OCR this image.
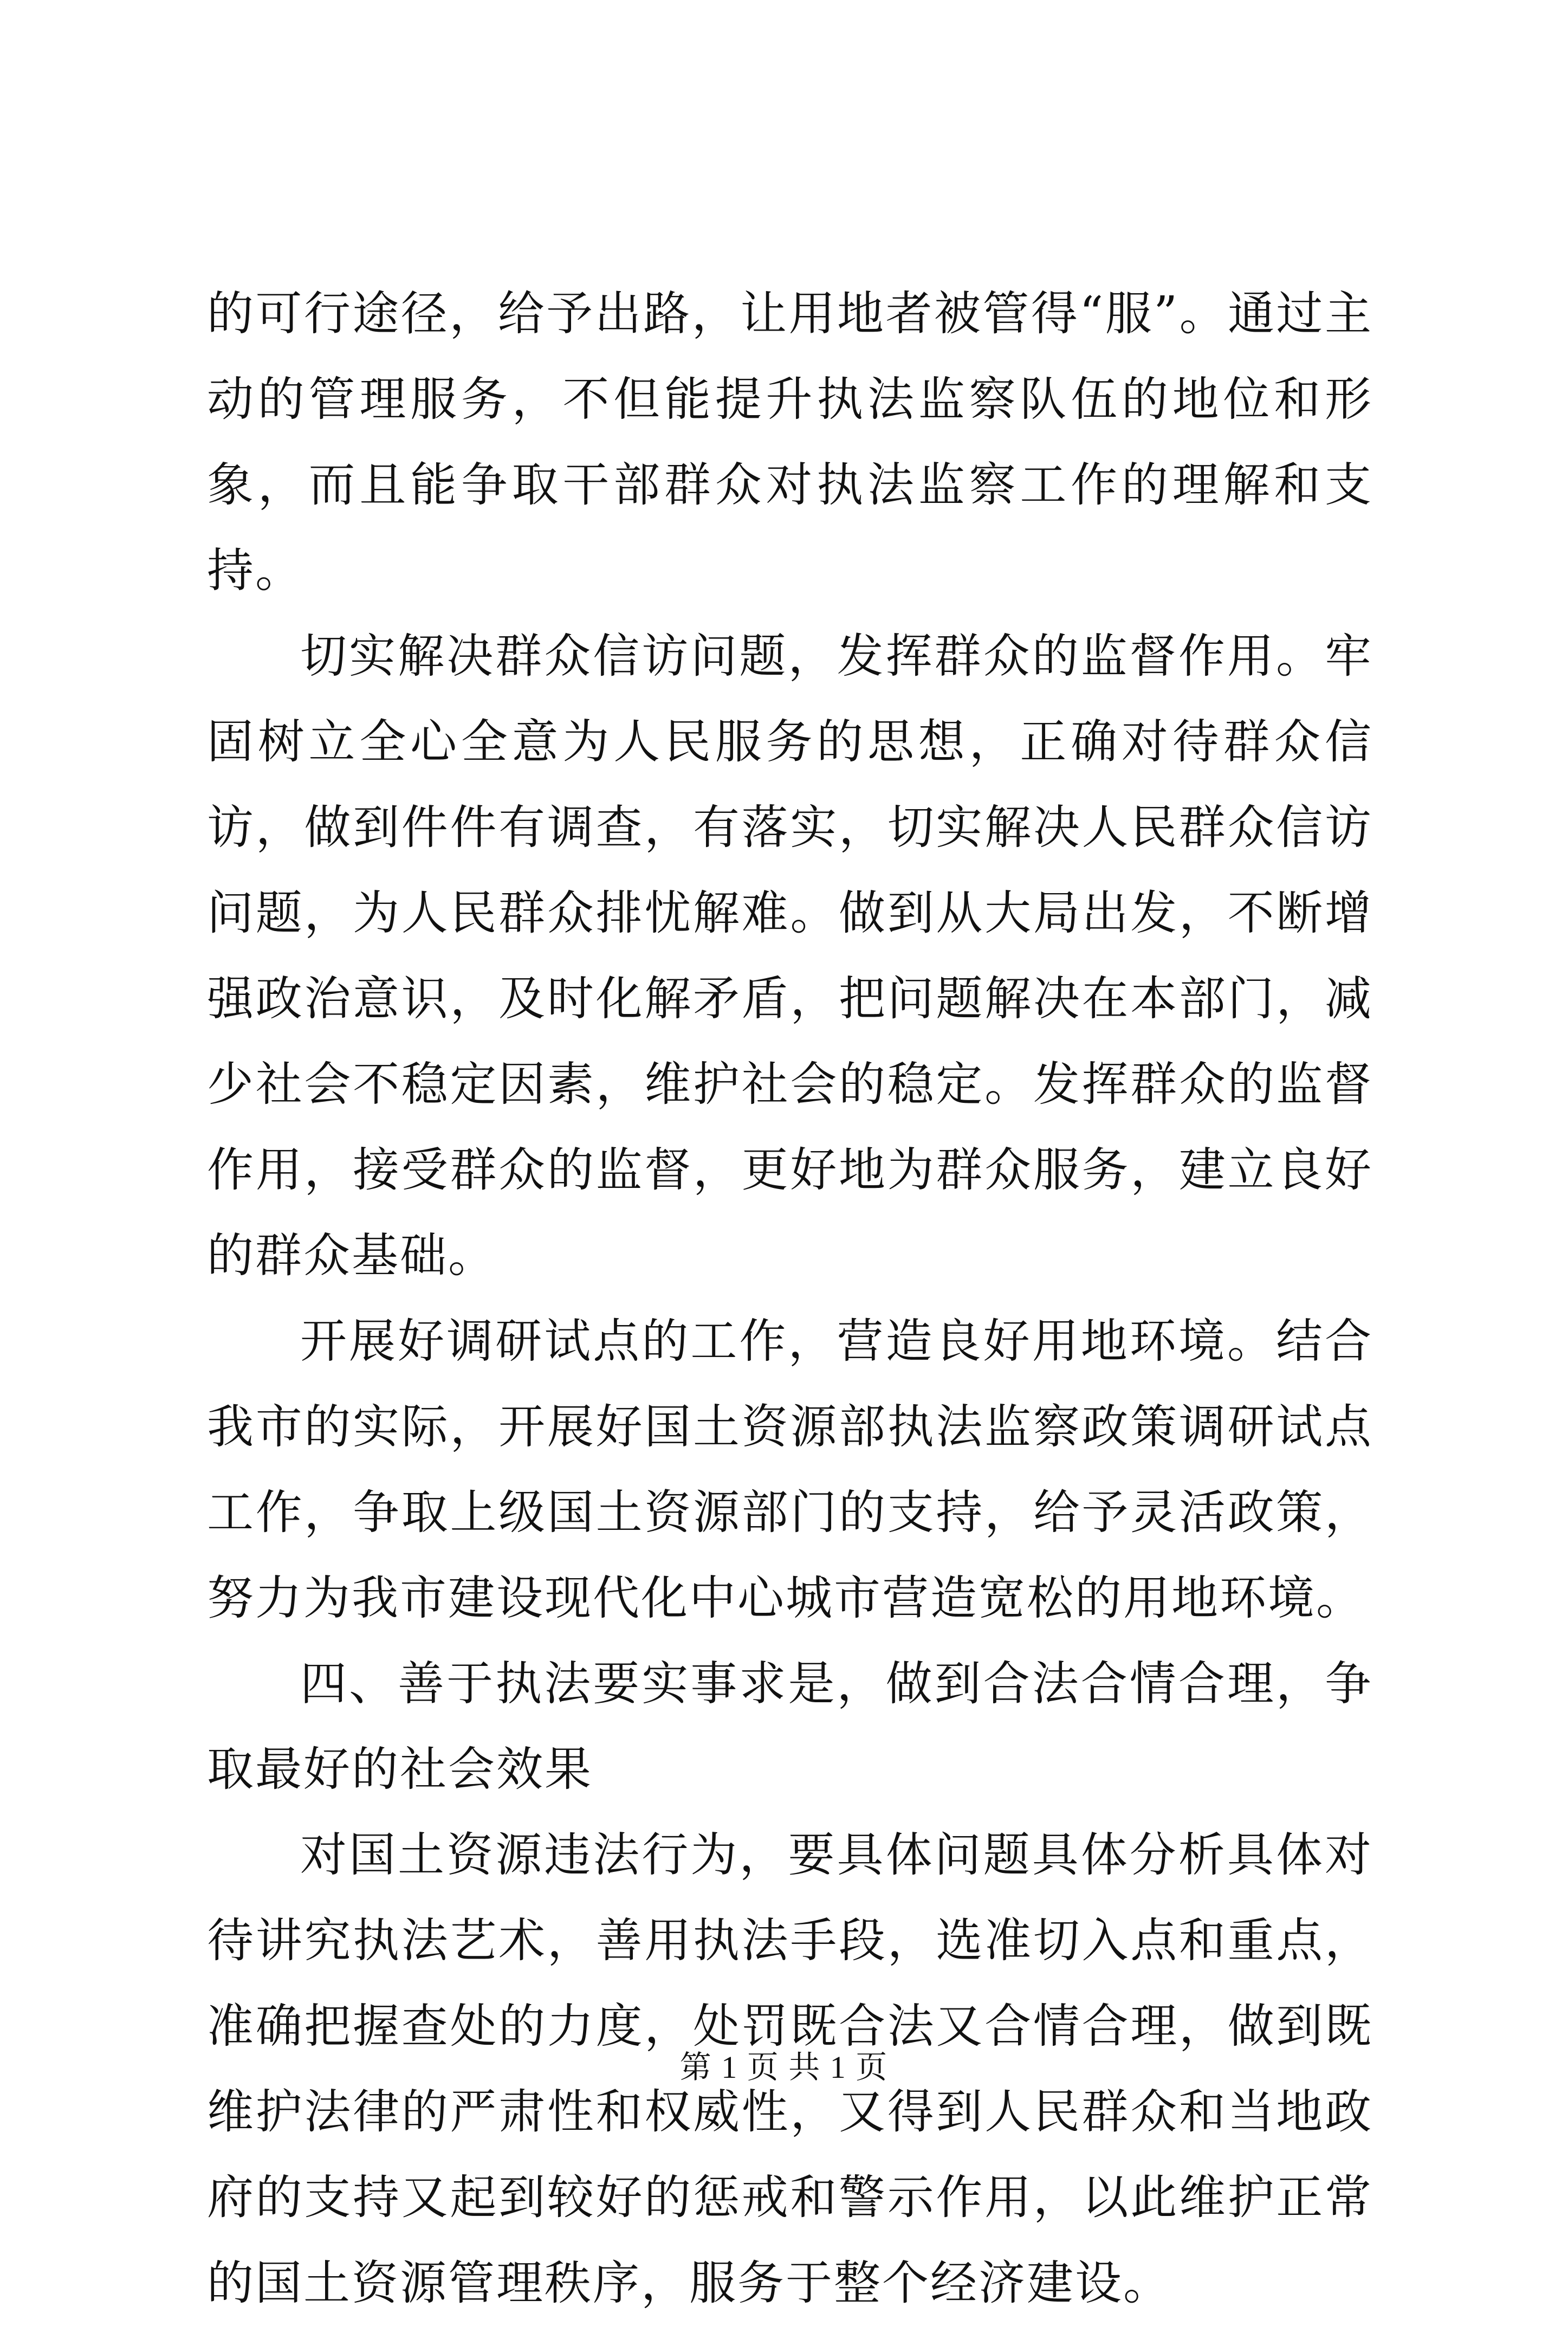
的可行途径，给予出路，让用地者被管得“服”。通过主动的管理服务，不但能提升执法监察队伍的地位和形象，而且能争取干部群众对执法监察工作的理解和支持。

切实解决群众信访问题，发挥群众的监督作用。牢固树立全心全意为人民服务的思想，正确对待群众信访，做到件件有调查，有落实，切实解决人民群众信访问题，为人民群众排忧解难。做到从大局出发，不断增强政治意识，及时化解矛盾，把问题解决在本部门，减少社会不稳定因素，维护社会的稳定。发挥群众的监督作用，接受群众的监督，更好地为群众服务，建立良好的群众基础。

开展好调研试点的工作，营造良好用地环境。结合我市的实际，开展好国土资源部执法监察政策调研试点工作，争取上级国土资源部门的支持，给予灵活政策，努力为我市建设现代化中心城市营造宽松的用地环境。

四、善于执法要实事求是，做到合法合情合理，争取最好的社会效果

对国土资源违法行为，要具体问题具体分析具体对待讲究执法艺术，善用执法手段，选准切入点和重点，准确把握查处的力度，处罚既合法又合情合理，做到既维护法律的严肃性和权威性，又得到人民群众和当地政府的支持又起到较好的惩戒和警示作用，以此维护正常的国土资源管理秩序，服务于整个经济建设。

第 1 页 共 1 页
